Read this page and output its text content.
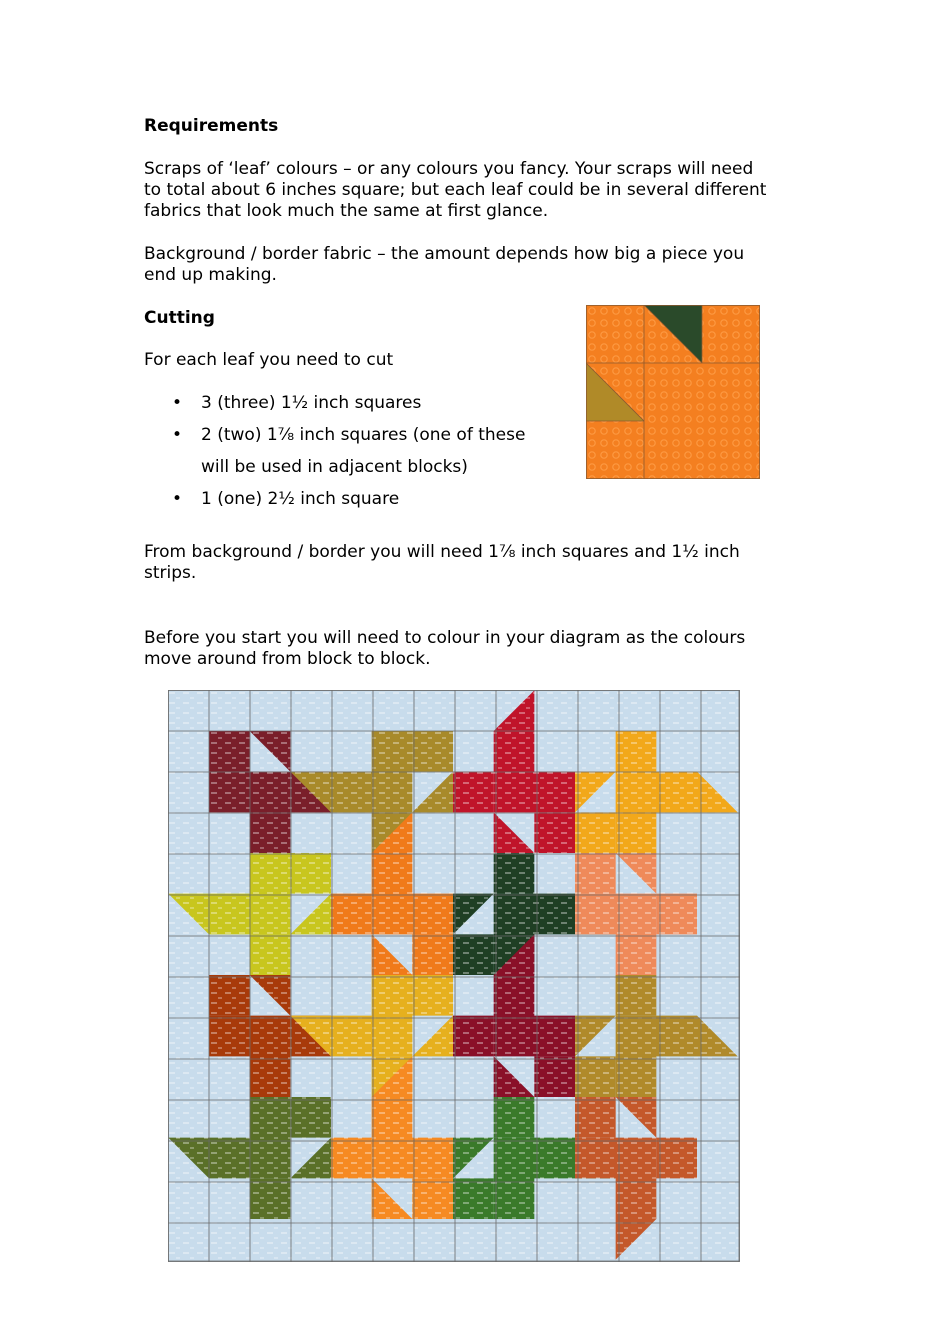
Requirements
Scraps of ‘leaf’ colours – or any colours you fancy. Your scraps will need
to total about 6 inches square; but each leaf could be in several different
fabrics that look much the same at first glance.
Background / border fabric – the amount depends how big a piece you
end up making.
Cutting
For each leaf you need to cut
• 3 (three) 1½ inch squares
• 2 (two) 1⅞ inch squares (one of these
will be used in adjacent blocks)
• 1 (one) 2½ inch square
From background / border you will need 1⅞ inch squares and 1½ inch
strips.
Before you start you will need to colour in your diagram as the colours
move around from block to block.
